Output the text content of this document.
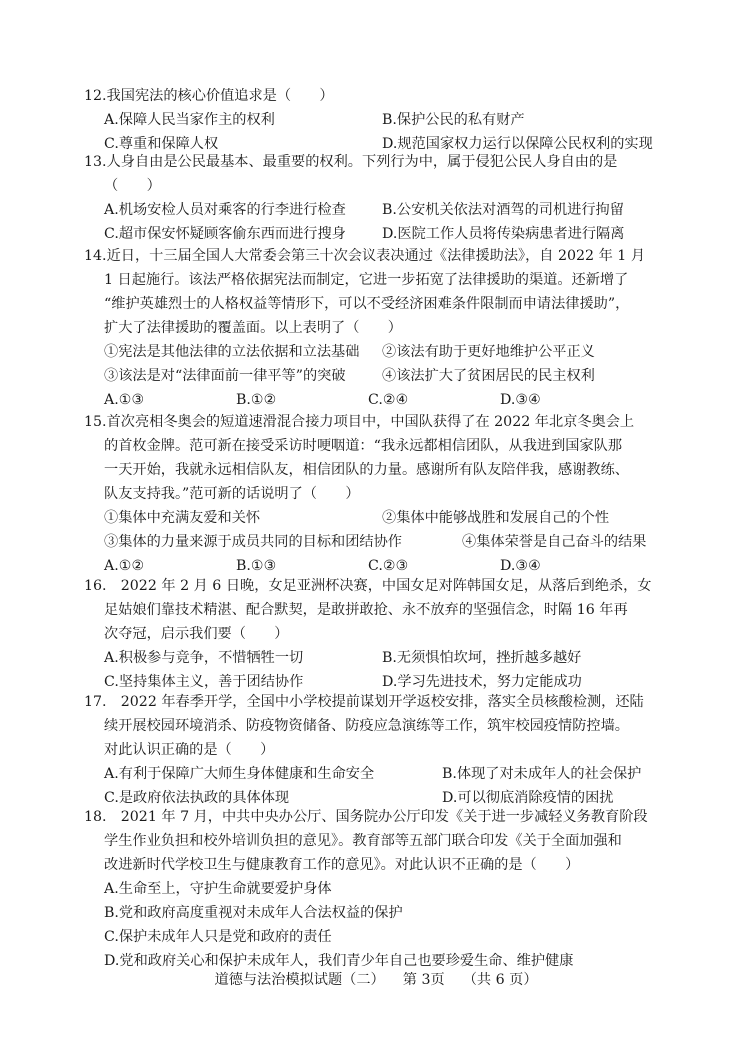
12.我国宪法的核心价值追求是（　　）
A.保障人民当家作主的权利	B.保护公民的私有财产
C.尊重和保障人权	D.规范国家权力运行以保障公民权利的实现
13.人身自由是公民最基本、最重要的权利。下列行为中，属于侵犯公民人身自由的是
（　　）
A.机场安检人员对乘客的行李进行检查	B.公安机关依法对酒驾的司机进行拘留
C.超市保安怀疑顾客偷东西而进行搜身	D.医院工作人员将传染病患者进行隔离
14.近日，十三届全国人大常委会第三十次会议表决通过《法律援助法》，自 2022 年 1 月
1 日起施行。该法严格依据宪法而制定，它进一步拓宽了法律援助的渠道。还新增了
“维护英雄烈士的人格权益等情形下，可以不受经济困难条件限制而申请法律援助”，
扩大了法律援助的覆盖面。以上表明了（　　）
①宪法是其他法律的立法依据和立法基础	②该法有助于更好地维护公平正义
③该法是对“法律面前一律平等”的突破	④该法扩大了贫困居民的民主权利
A.①③	B.①②	C.②④	D.③④
15.首次亮相冬奥会的短道速滑混合接力项目中，中国队获得了在 2022 年北京冬奥会上
的首枚金牌。范可新在接受采访时哽咽道：“我永远都相信团队，从我进到国家队那
一天开始，我就永远相信队友，相信团队的力量。感谢所有队友陪伴我，感谢教练、
队友支持我。”范可新的话说明了（　　）
①集体中充满友爱和关怀	②集体中能够战胜和发展自己的个性
③集体的力量来源于成员共同的目标和团结协作	④集体荣誉是自己奋斗的结果
A.①②	B.①③	C.②③	D.③④
16.　2022 年 2 月 6 日晚，女足亚洲杯决赛，中国女足对阵韩国女足，从落后到绝杀，女
足姑娘们靠技术精湛、配合默契，是敢拼敢抢、永不放弃的坚强信念，时隔 16 年再
次夺冠，启示我们要（　　）
A.积极参与竞争，不惜牺牲一切	B.无须惧怕坎坷，挫折越多越好
C.坚持集体主义，善于团结协作	D.学习先进技术，努力定能成功
17.　2022 年春季开学，全国中小学校提前谋划开学返校安排，落实全员核酸检测，还陆
续开展校园环境消杀、防疫物资储备、防疫应急演练等工作，筑牢校园疫情防控墙。
对此认识正确的是（　　）
A.有利于保障广大师生身体健康和生命安全	B.体现了对未成年人的社会保护
C.是政府依法执政的具体体现	D.可以彻底消除疫情的困扰
18.　2021 年 7 月，中共中央办公厅、国务院办公厅印发《关于进一步减轻义务教育阶段
学生作业负担和校外培训负担的意见》。教育部等五部门联合印发《关于全面加强和
改进新时代学校卫生与健康教育工作的意见》。对此认识不正确的是（　　）
A.生命至上，守护生命就要爱护身体
B.党和政府高度重视对未成年人合法权益的保护
C.保护未成年人只是党和政府的责任
D.党和政府关心和保护未成年人，我们青少年自己也要珍爱生命、维护健康
道德与法治模拟试题（二） 第 3页 （共 6 页）
